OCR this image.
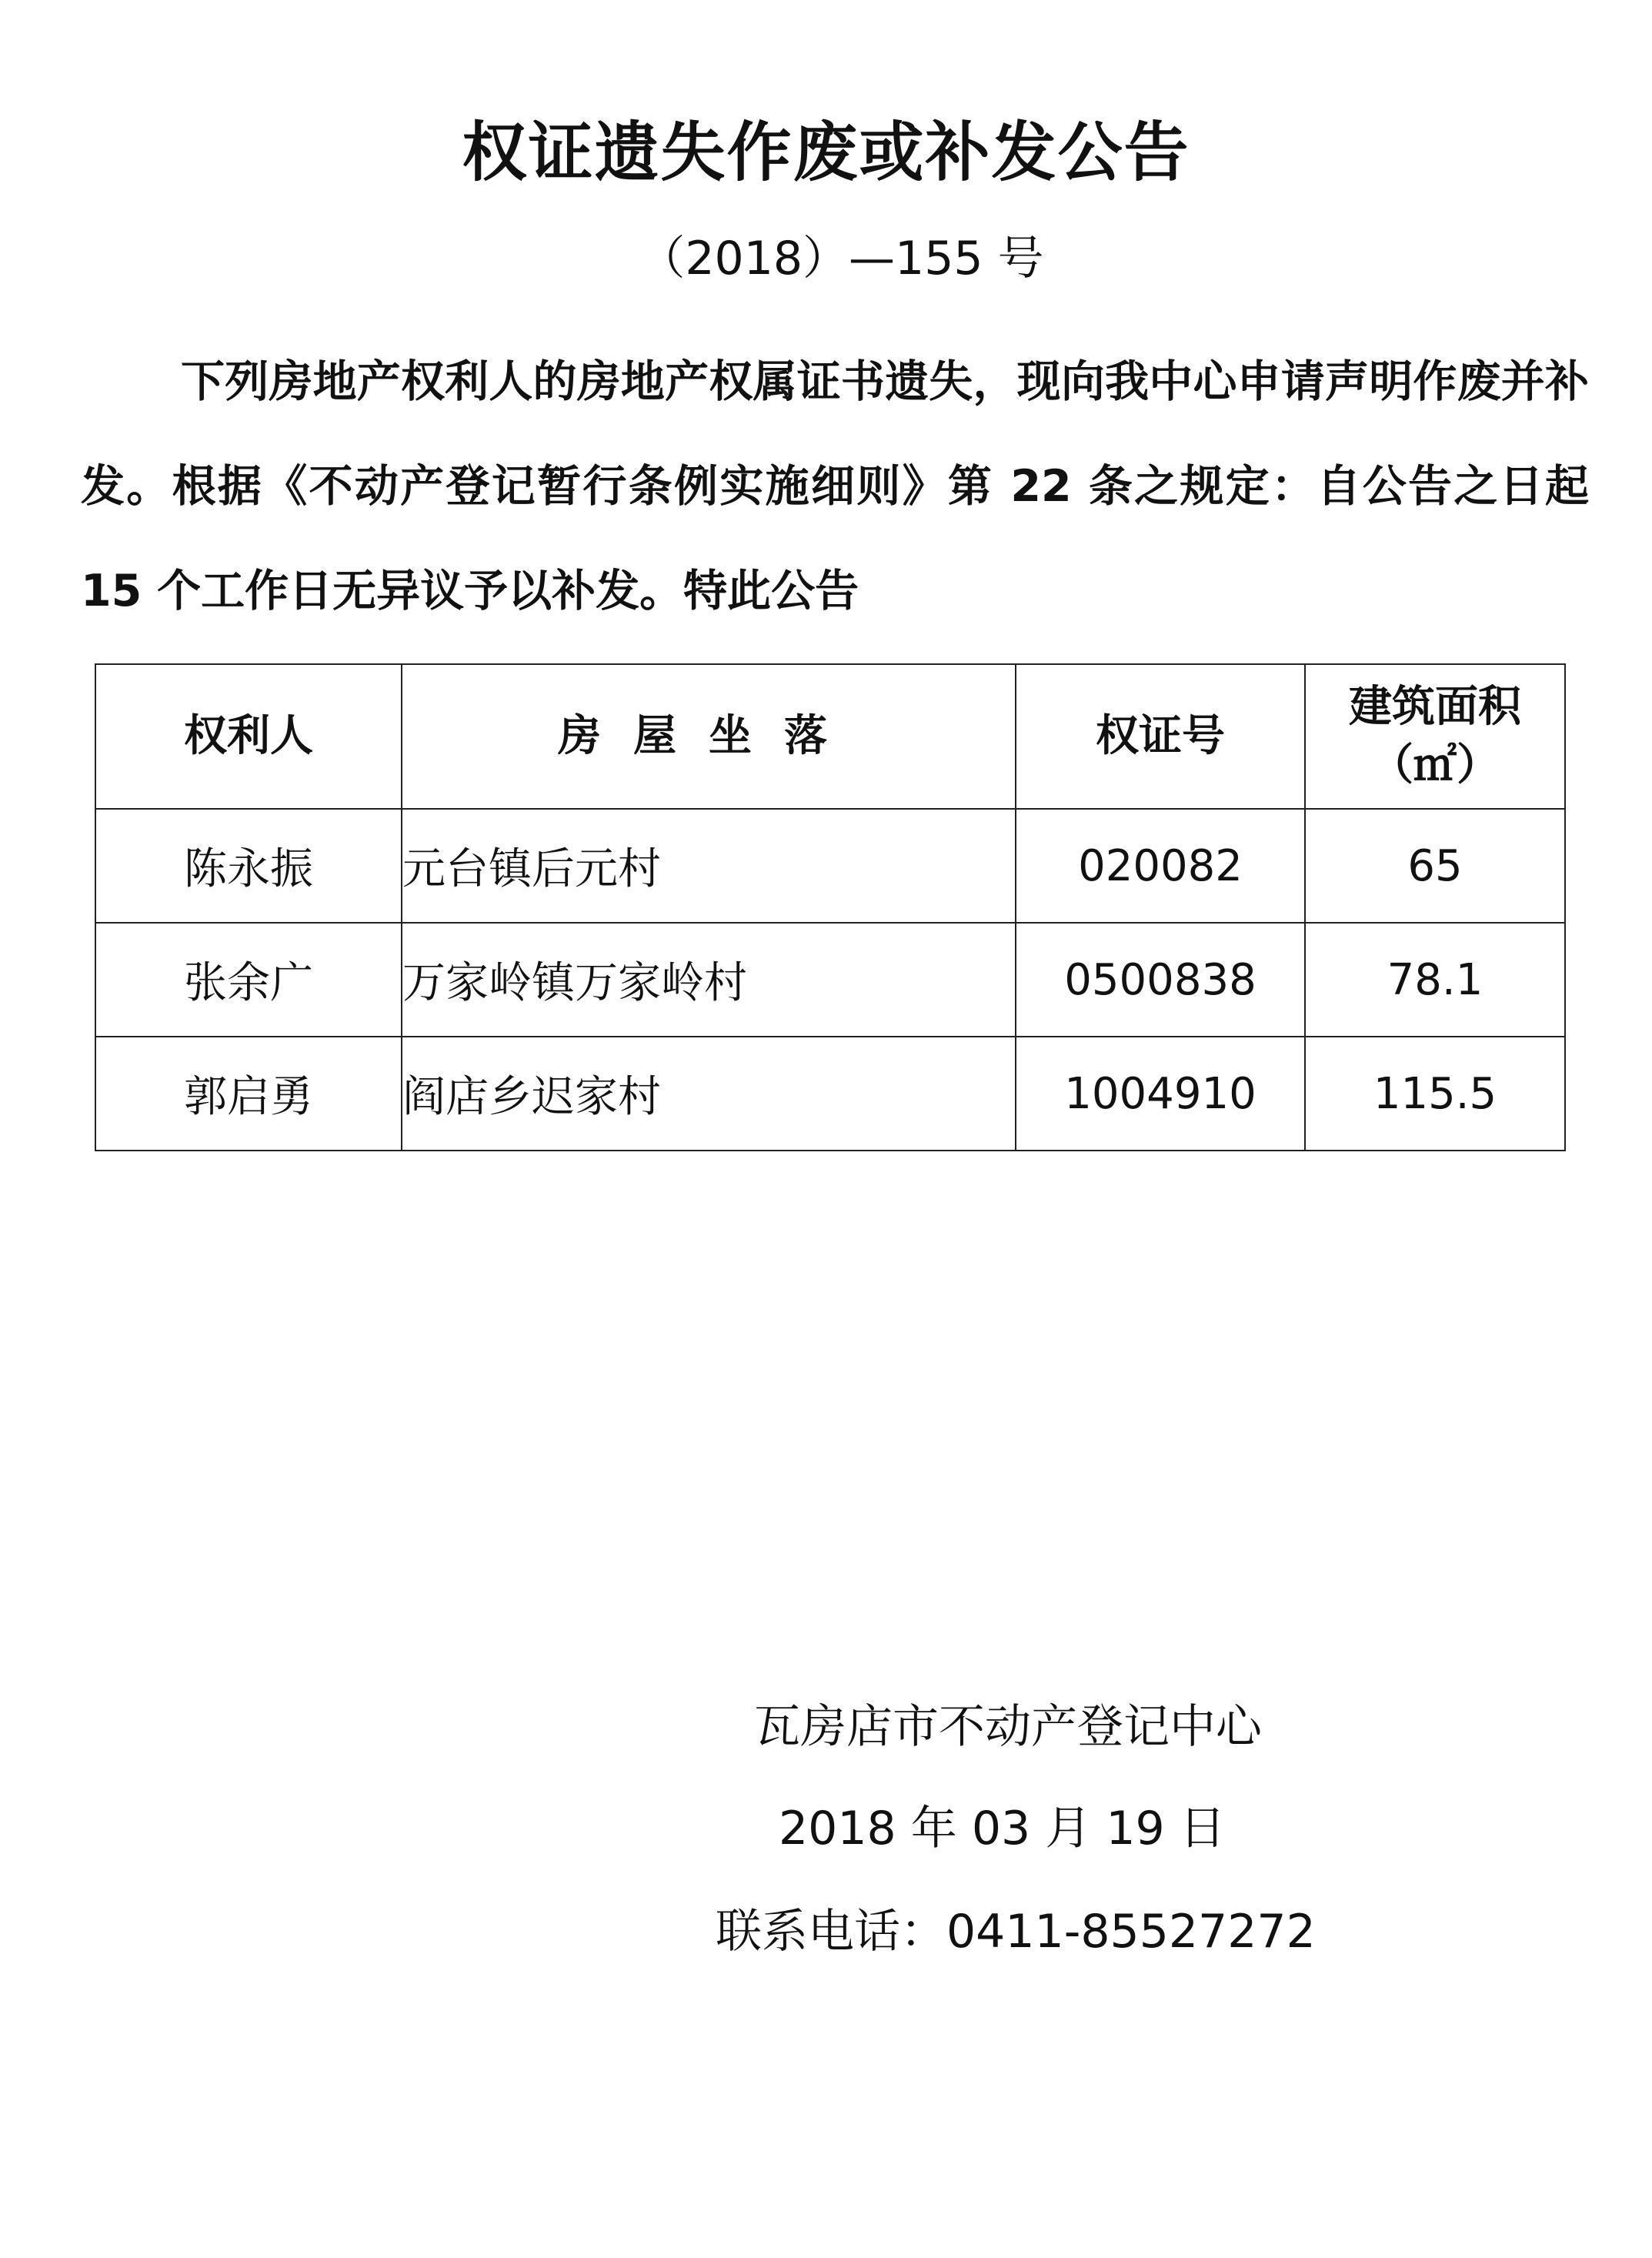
权证遗失作废或补发公告
（2018）—155 号

下列房地产权利人的房地产权属证书遗失，现向我中心申请声明作废并补发。根据《不动产登记暂行条例实施细则》第 22 条之规定：自公告之日起 15 个工作日无异议予以补发。特此公告

权利人	房屋坐落	权证号	建筑面积
（㎡）

陈永振	元台镇后元村	020082	65
张余广	万家岭镇万家岭村	0500838	78.1
郭启勇	阎店乡迟家村	1004910	115.5
瓦房店市不动产登记中心
2018 年 03 月 19 日
联系电话：0411-85527272
